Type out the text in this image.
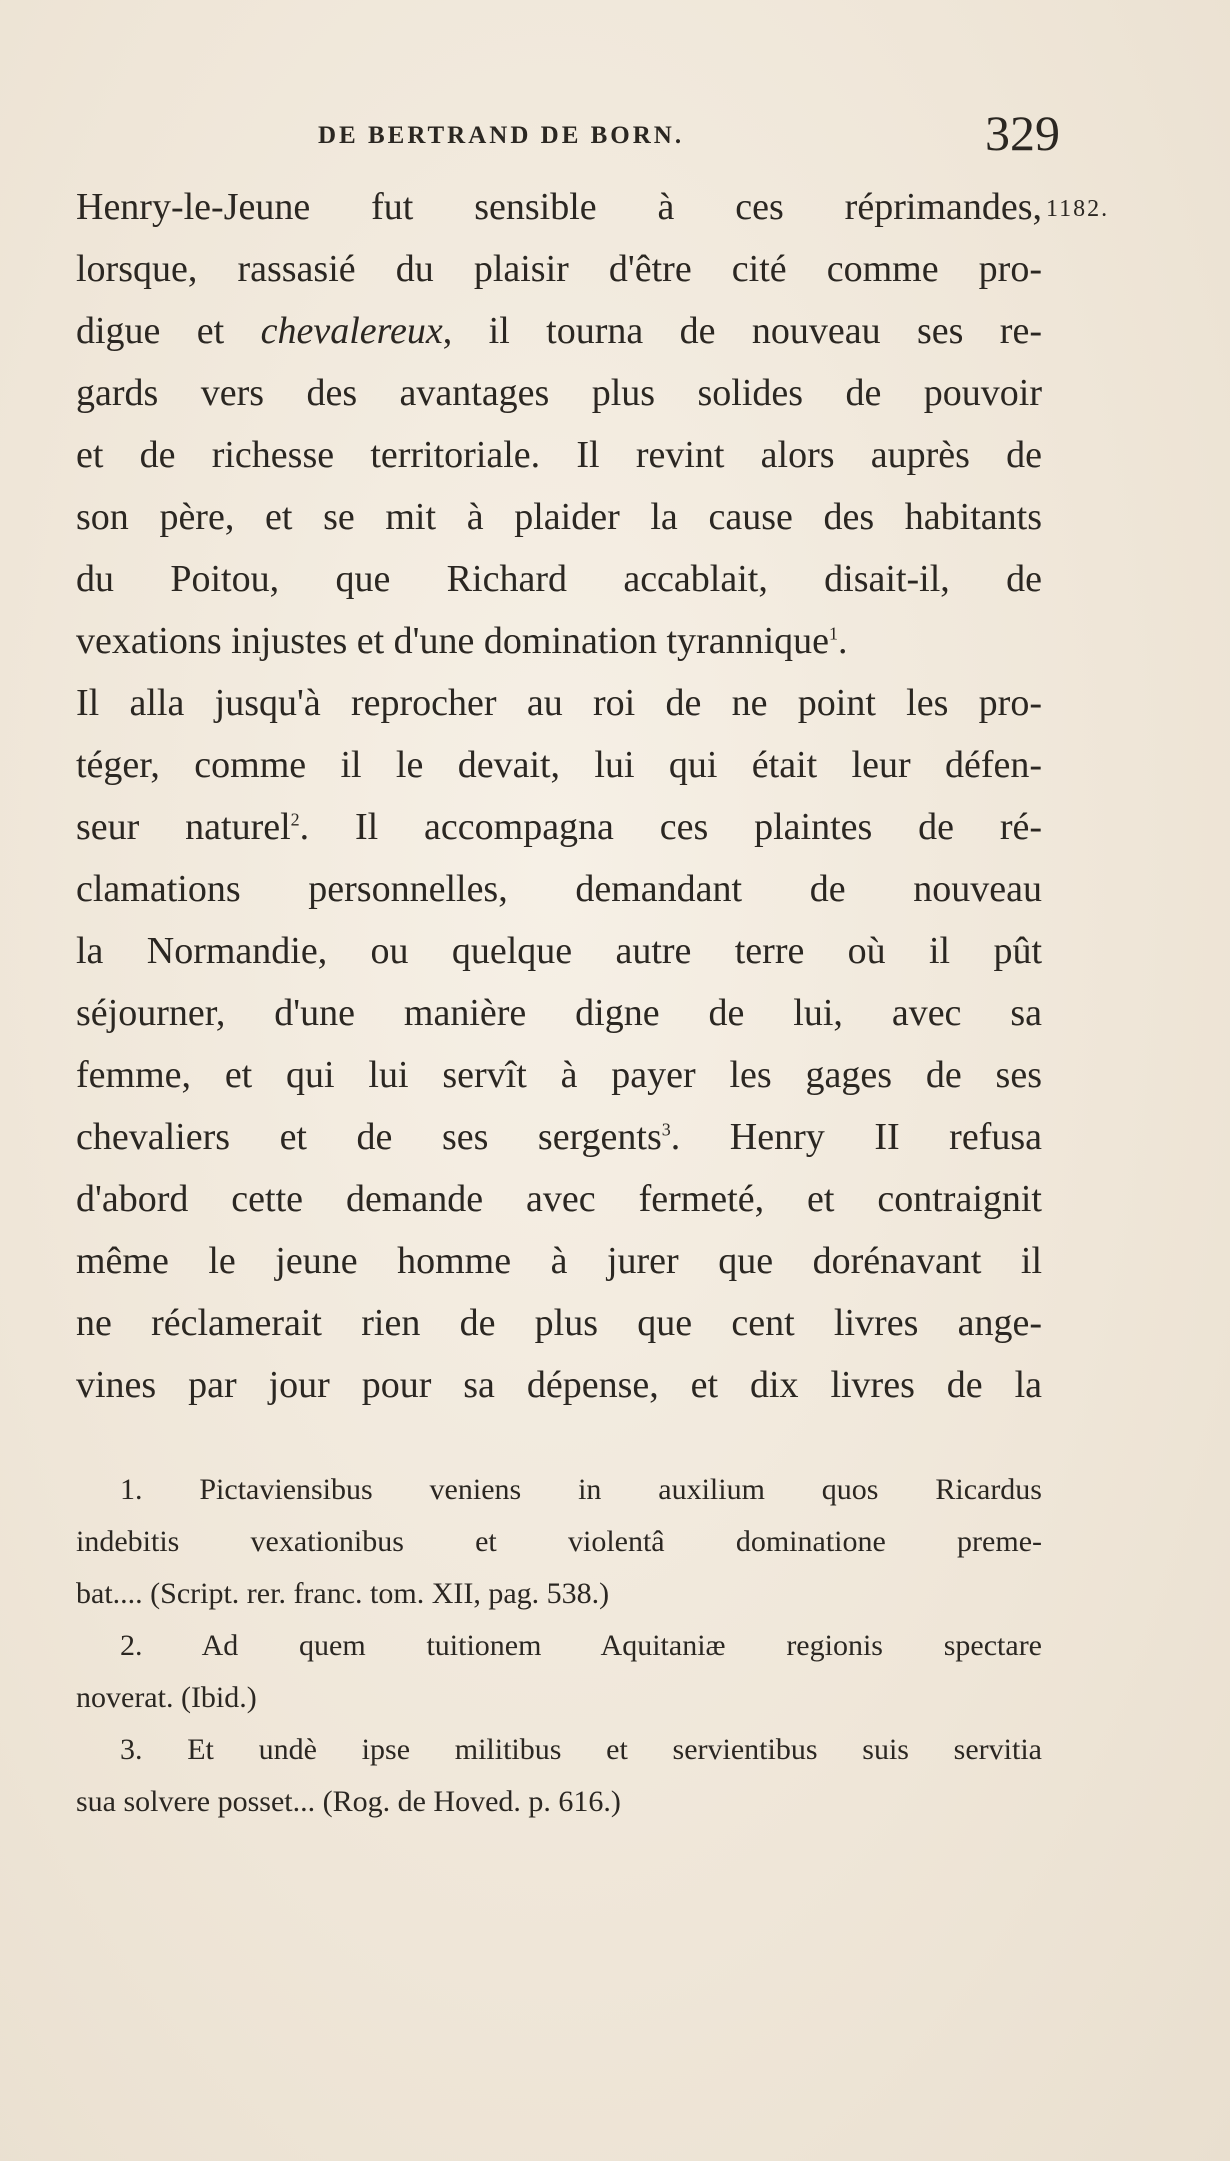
DE BERTRAND DE BORN.	329
1182.
Henry-le-Jeune fut sensible à ces réprimandes,
lorsque, rassasié du plaisir d'être cité comme pro-
digue et chevalereux, il tourna de nouveau ses re-
gards vers des avantages plus solides de pouvoir
et de richesse territoriale. Il revint alors auprès de
son père, et se mit à plaider la cause des habitants
du Poitou, que Richard accablait, disait-il, de
vexations injustes et d'une domination tyrannique$^1$.
Il alla jusqu'à reprocher au roi de ne point les pro-
téger, comme il le devait, lui qui était leur défen-
seur naturel$^2$. Il accompagna ces plaintes de ré-
clamations personnelles, demandant de nouveau
la Normandie, ou quelque autre terre où il pût
séjourner, d'une manière digne de lui, avec sa
femme, et qui lui servît à payer les gages de ses
chevaliers et de ses sergents$^3$. Henry II refusa
d'abord cette demande avec fermeté, et contraignit
même le jeune homme à jurer que dorénavant il
ne réclamerait rien de plus que cent livres ange-
vines par jour pour sa dépense, et dix livres de la
1. Pictaviensibus veniens in auxilium quos Ricardus
indebitis vexationibus et violentâ dominatione preme-
bat.... (Script. rer. franc. tom. XII, pag. 538.)
2. Ad quem tuitionem Aquitaniæ regionis spectare
noverat. (Ibid.)
3. Et undè ipse militibus et servientibus suis servitia
sua solvere posset... (Rog. de Hoved. p. 616.)
